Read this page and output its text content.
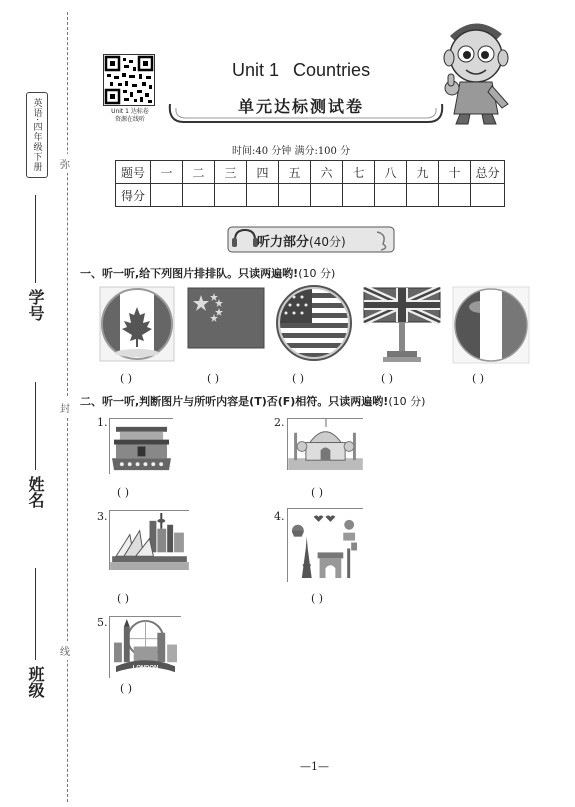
英语·四年级下册
学号
姓名
班级
弥
封
线
Unit 1 达标卷
资源在线听
Unit 1 Countries
单元达标测试卷
时间:40 分钟 满分:100 分
题号	一	二	三	四	五	六	七	八	九	十	总分
得分											
听力部分(40分)
一、听一听,给下列图片排排队。只读两遍哟!(10 分)
( )	( )	( )	( )	( )
二、听一听,判断图片与所听内容是(T)否(F)相符。只读两遍哟!(10 分)
1.
( )
2.
( )
3.
( )
4.
( )
5.
LONDON
( )
—1—
